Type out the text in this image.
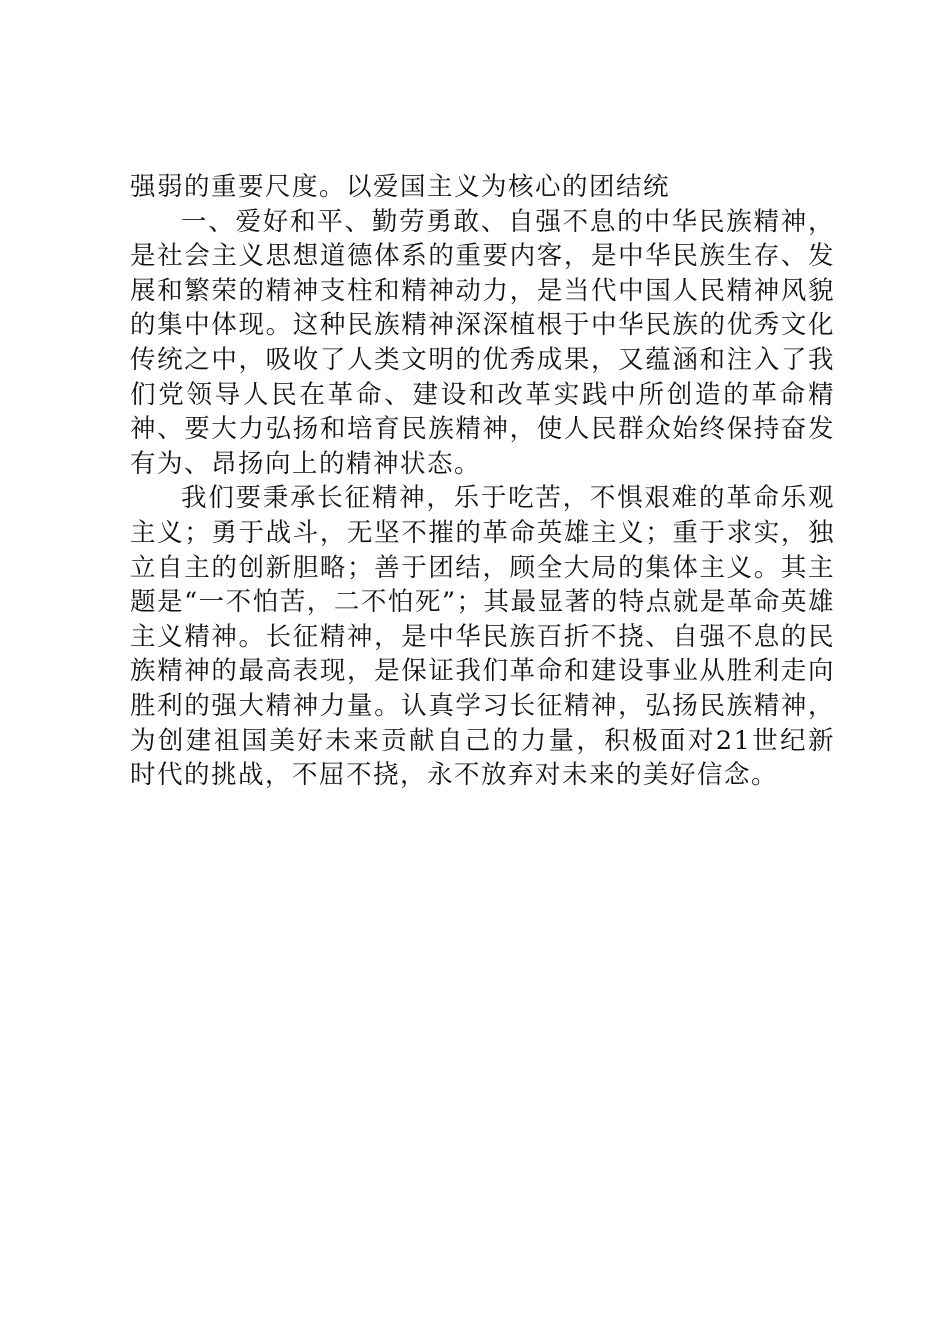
强弱的重要尺度。以爱国主义为核心的团结统

一、爱好和平、勤劳勇敢、自强不息的中华民族精神，是社会主义思想道德体系的重要内客，是中华民族生存、发展和繁荣的精神支柱和精神动力，是当代中国人民精神风貌的集中体现。这种民族精神深深植根于中华民族的优秀文化传统之中，吸收了人类文明的优秀成果，又蕴涵和注入了我们党领导人民在革命、建设和改革实践中所创造的革命精神、要大力弘扬和培育民族精神，使人民群众始终保持奋发有为、昂扬向上的精神状态。

我们要秉承长征精神，乐于吃苦，不惧艰难的革命乐观主义；勇于战斗，无坚不摧的革命英雄主义；重于求实，独立自主的创新胆略；善于团结，顾全大局的集体主义。其主题是“一不怕苦，二不怕死”；其最显著的特点就是革命英雄主义精神。长征精神，是中华民族百折不挠、自强不息的民族精神的最高表现，是保证我们革命和建设事业从胜利走向胜利的强大精神力量。认真学习长征精神，弘扬民族精神，为创建祖国美好未来贡献自己的力量，积极面对21世纪新时代的挑战，不屈不挠，永不放弃对未来的美好信念。
